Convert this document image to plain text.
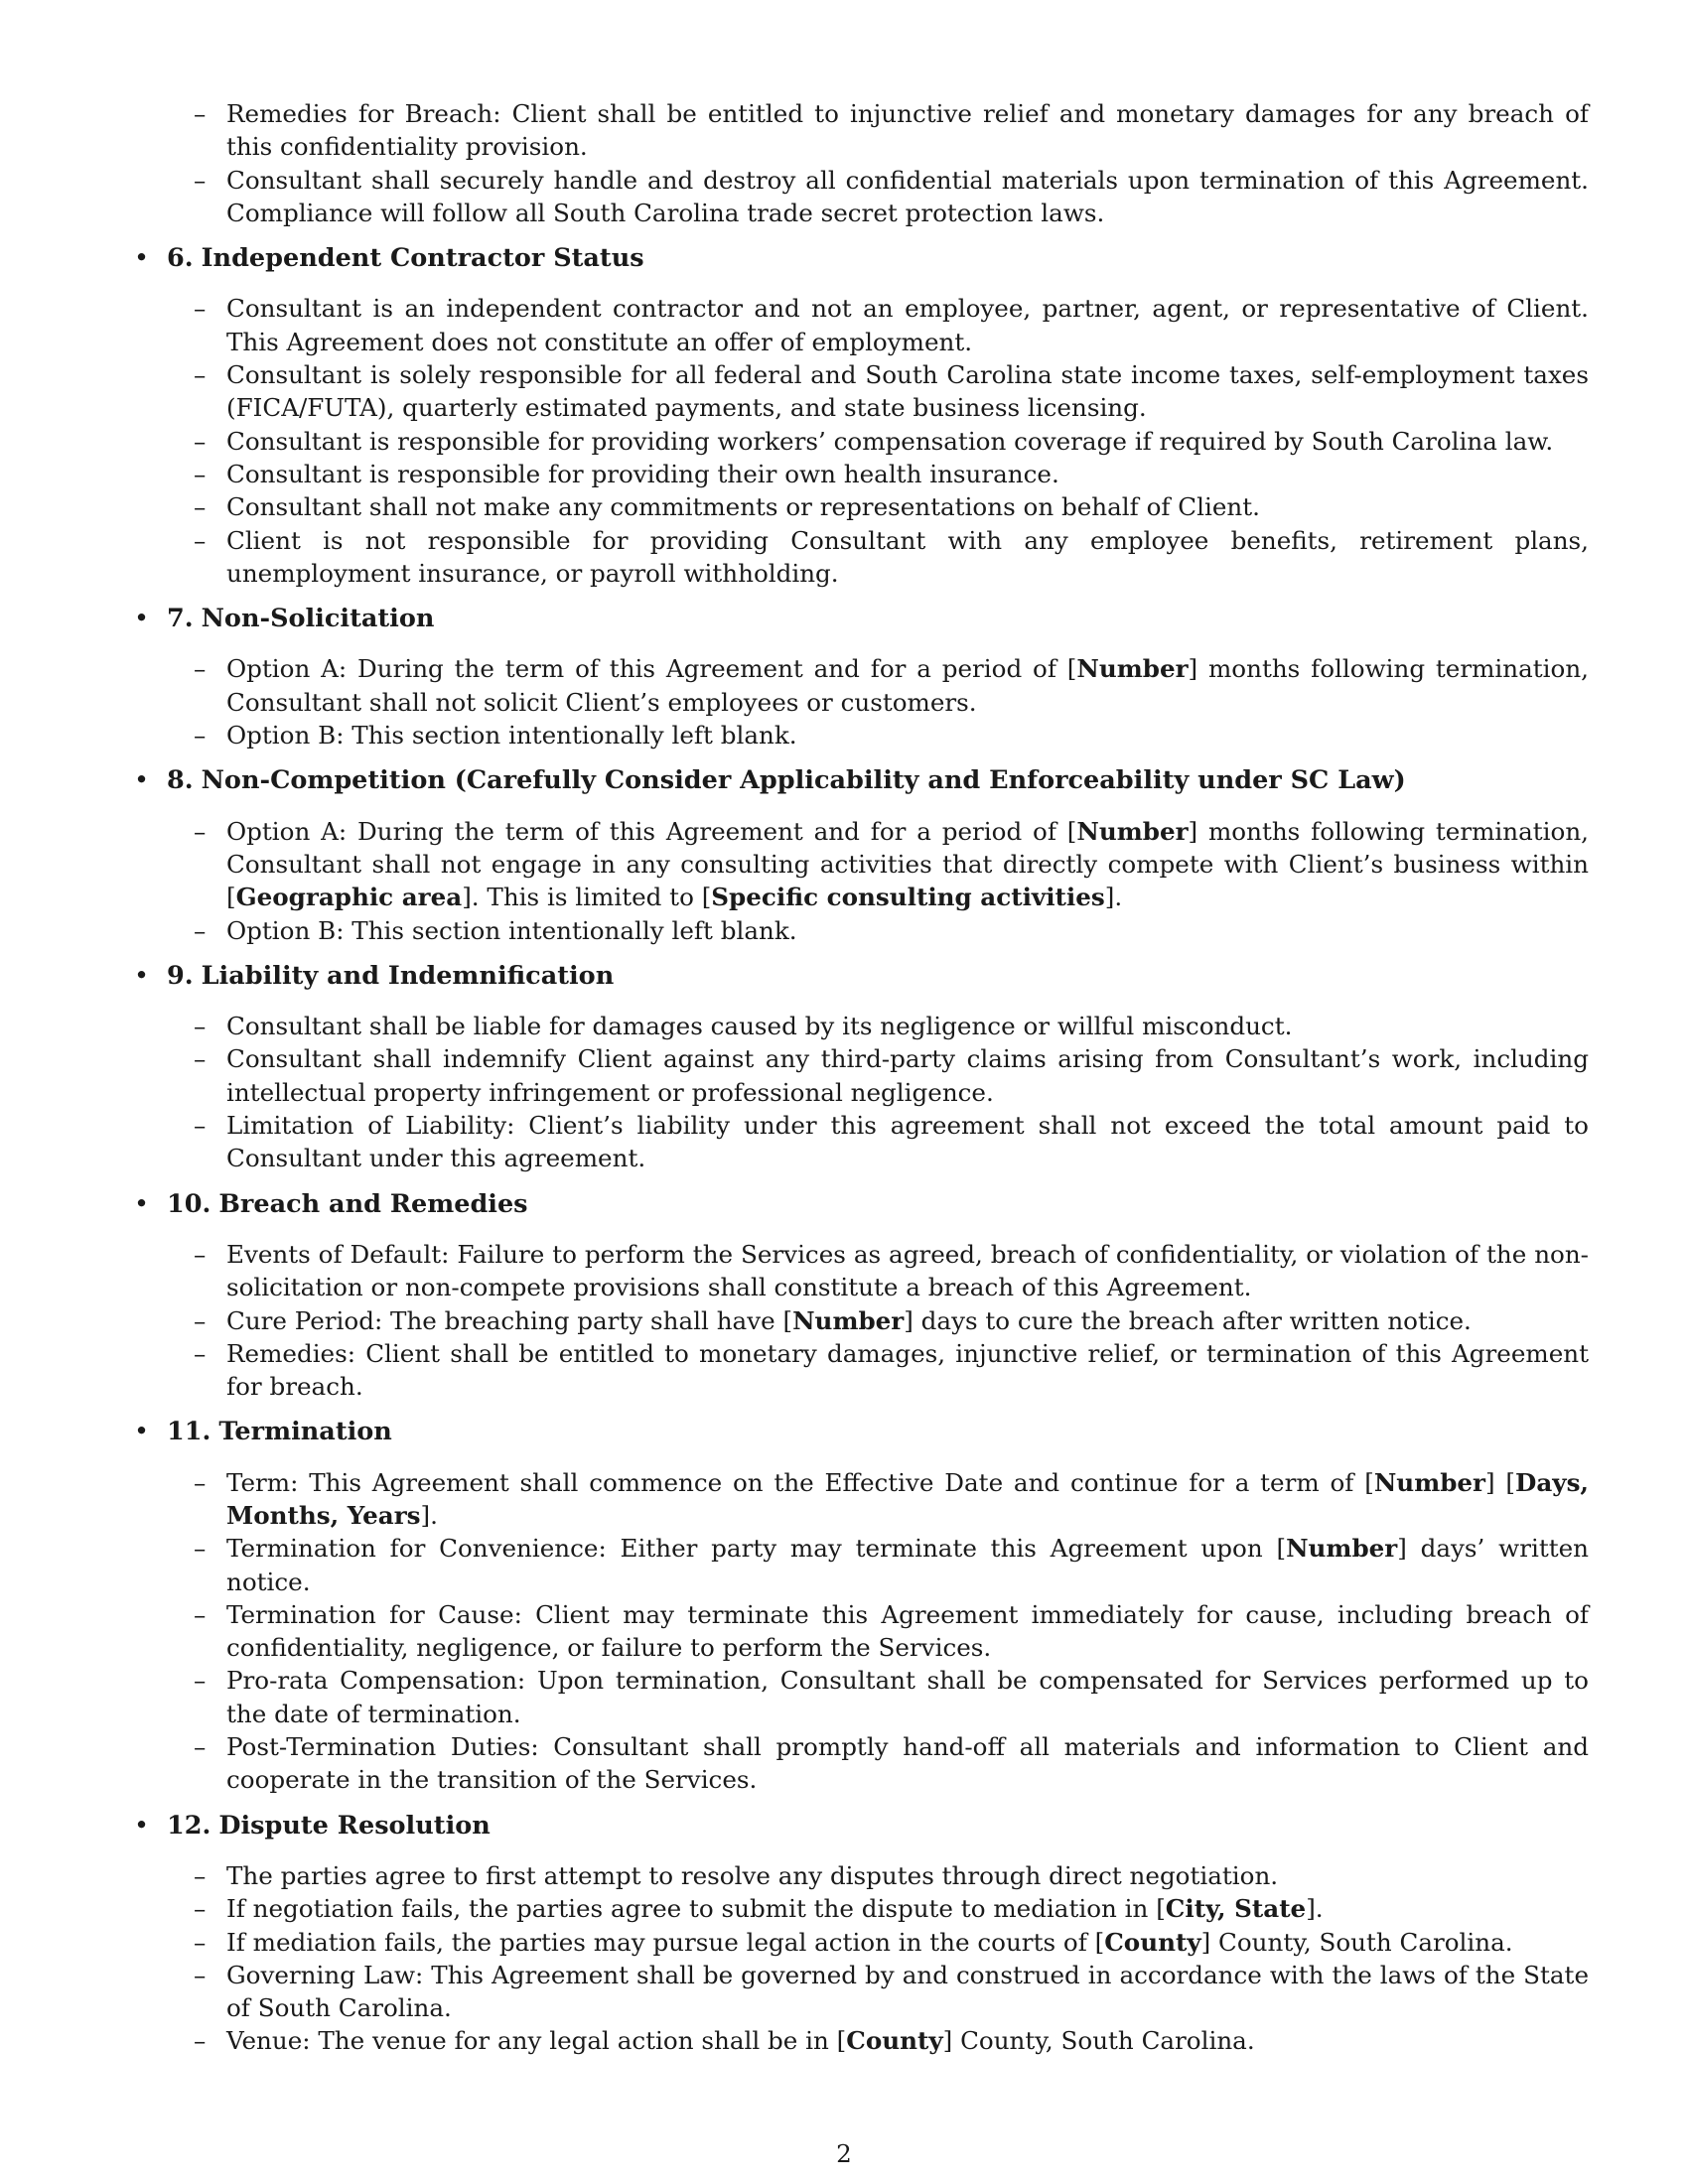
– Remedies for Breach: Client shall be entitled to injunctive relief and monetary damages for any breach of this confidentiality provision.
– Consultant shall securely handle and destroy all confidential materials upon termination of this Agreement. Compliance will follow all South Carolina trade secret protection laws.
• 6. Independent Contractor Status
– Consultant is an independent contractor and not an employee, partner, agent, or representative of Client. This Agreement does not constitute an offer of employment.
– Consultant is solely responsible for all federal and South Carolina state income taxes, self-employment taxes (FICA/FUTA), quarterly estimated payments, and state business licensing.
– Consultant is responsible for providing workers’ compensation coverage if required by South Carolina law.
– Consultant is responsible for providing their own health insurance.
– Consultant shall not make any commitments or representations on behalf of Client.
– Client is not responsible for providing Consultant with any employee benefits, retirement plans, unemployment insurance, or payroll withholding.
• 7. Non-Solicitation
– Option A: During the term of this Agreement and for a period of [Number] months following termination, Consultant shall not solicit Client’s employees or customers.
– Option B: This section intentionally left blank.
• 8. Non-Competition (Carefully Consider Applicability and Enforceability under SC Law)
– Option A: During the term of this Agreement and for a period of [Number] months following termination, Consultant shall not engage in any consulting activities that directly compete with Client’s business within [Geographic area]. This is limited to [Specific consulting activities].
– Option B: This section intentionally left blank.
• 9. Liability and Indemnification
– Consultant shall be liable for damages caused by its negligence or willful misconduct.
– Consultant shall indemnify Client against any third-party claims arising from Consultant’s work, including intellectual property infringement or professional negligence.
– Limitation of Liability: Client’s liability under this agreement shall not exceed the total amount paid to Consultant under this agreement.
• 10. Breach and Remedies
– Events of Default: Failure to perform the Services as agreed, breach of confidentiality, or violation of the non-solicitation or non-compete provisions shall constitute a breach of this Agreement.
– Cure Period: The breaching party shall have [Number] days to cure the breach after written notice.
– Remedies: Client shall be entitled to monetary damages, injunctive relief, or termination of this Agreement for breach.
• 11. Termination
– Term: This Agreement shall commence on the Effective Date and continue for a term of [Number] [Days, Months, Years].
– Termination for Convenience: Either party may terminate this Agreement upon [Number] days’ written notice.
– Termination for Cause: Client may terminate this Agreement immediately for cause, including breach of confidentiality, negligence, or failure to perform the Services.
– Pro-rata Compensation: Upon termination, Consultant shall be compensated for Services performed up to the date of termination.
– Post-Termination Duties: Consultant shall promptly hand-off all materials and information to Client and cooperate in the transition of the Services.
• 12. Dispute Resolution
– The parties agree to first attempt to resolve any disputes through direct negotiation.
– If negotiation fails, the parties agree to submit the dispute to mediation in [City, State].
– If mediation fails, the parties may pursue legal action in the courts of [County] County, South Carolina.
– Governing Law: This Agreement shall be governed by and construed in accordance with the laws of the State of South Carolina.
– Venue: The venue for any legal action shall be in [County] County, South Carolina.
2
